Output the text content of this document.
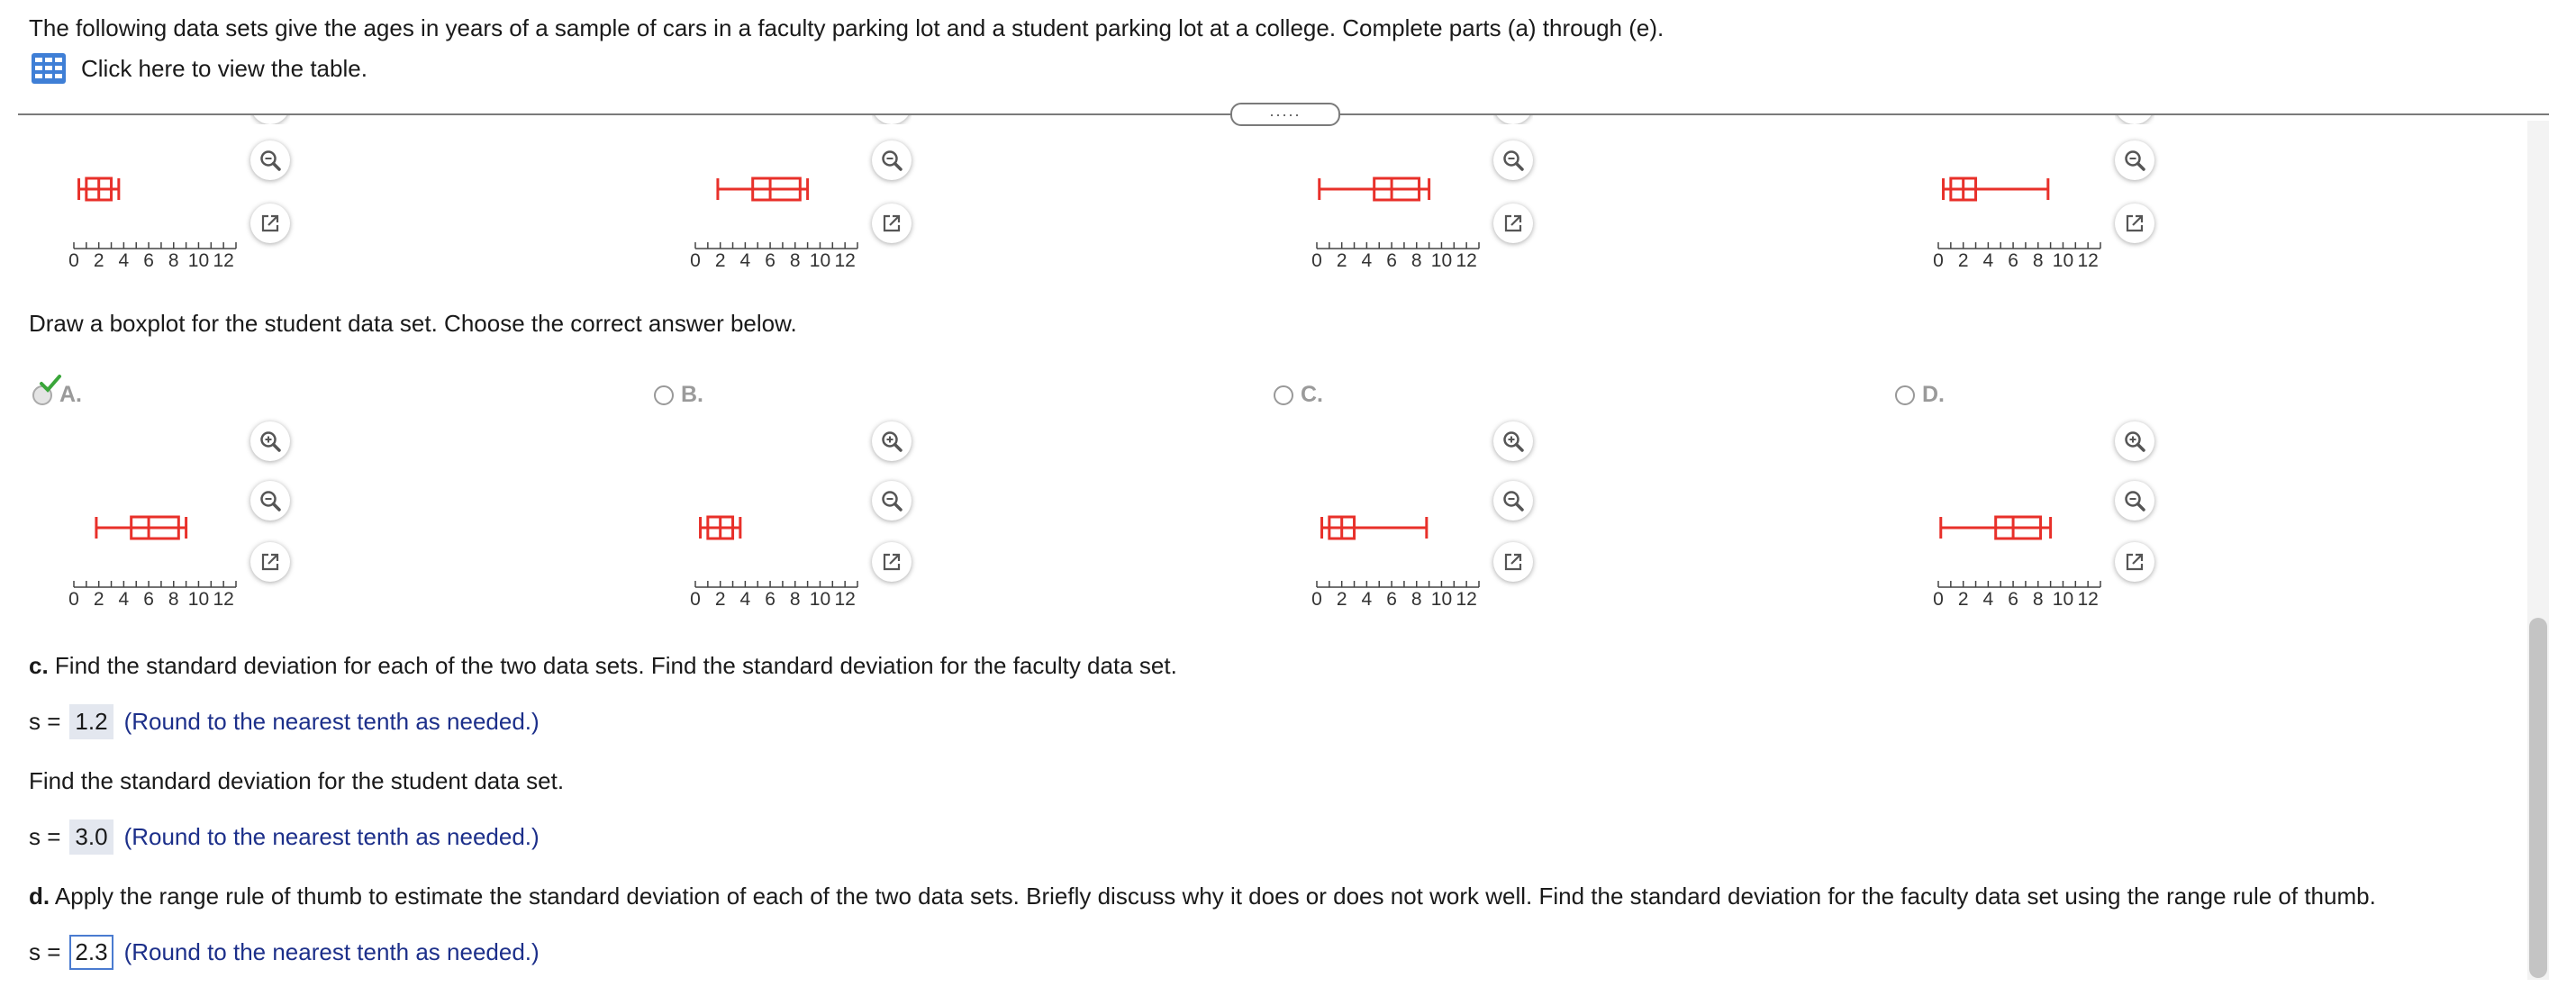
The following data sets give the ages in years of a sample of cars in a faculty parking lot and a student parking lot at a college. Complete parts (a) through (e).
Click here to view the table.
.....
0 2 4 6 8 10 12	0 2 4 6 8 10 12	0 2 4 6 8 10 12	0 2 4 6 8 10 12
Draw a boxplot for the student data set. Choose the correct answer below.
A.	B.	C.	D.
0 2 4 6 8 10 12	0 2 4 6 8 10 12	0 2 4 6 8 10 12	0 2 4 6 8 10 12
c. Find the standard deviation for each of the two data sets. Find the standard deviation for the faculty data set.
s = 1.2 (Round to the nearest tenth as needed.)
Find the standard deviation for the student data set.
s = 3.0 (Round to the nearest tenth as needed.)
d. Apply the range rule of thumb to estimate the standard deviation of each of the two data sets. Briefly discuss why it does or does not work well. Find the standard deviation for the faculty data set using the range rule of thumb.
s = 2.3 (Round to the nearest tenth as needed.)
